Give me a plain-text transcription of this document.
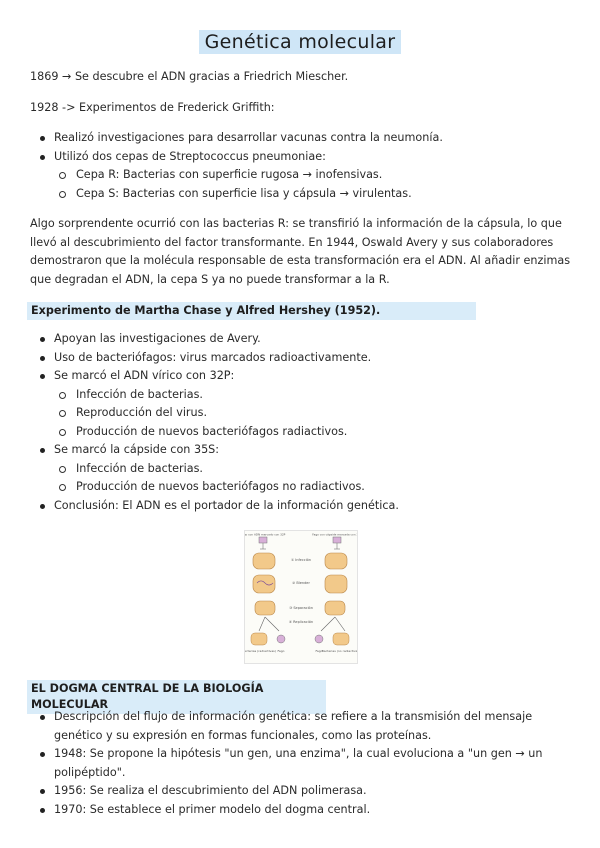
Genética molecular
1869 → Se descubre el ADN gracias a Friedrich Miescher.
1928 -> Experimentos de Frederick Griffith:
Realizó investigaciones para desarrollar vacunas contra la neumonía.
Utilizó dos cepas de Streptococcus pneumoniae:
Cepa R: Bacterias con superficie rugosa → inofensivas.
Cepa S: Bacterias con superficie lisa y cápsula → virulentas.
Algo sorprendente ocurrió con las bacterias R: se transfirió la información de la cápsula, lo que llevó al descubrimiento del factor transformante. En 1944, Oswald Avery y sus colaboradores demostraron que la molécula responsable de esta transformación era el ADN. Al añadir enzimas que degradan el ADN, la cepa S ya no puede transformar a la R.
Experimento de Martha Chase y Alfred Hershey (1952).
Apoyan las investigaciones de Avery.
Uso de bacteriófagos: virus marcados radioactivamente.
Se marcó el ADN vírico con 32P:
Infección de bacterias.
Reproducción del virus.
Producción de nuevos bacteriófagos radiactivos.
Se marcó la cápside con 35S:
Infección de bacterias.
Producción de nuevos bacteriófagos no radiactivos.
Conclusión: El ADN es el portador de la información genética.
① Infección
② Blender
③ Separación
④ Replicación
Bacterias (radiactivas) Fago	Fago Bacterias (no radiactivas)
Fago con ADN marcado con 32P	Fago con cápside marcada con 35S
EL DOGMA CENTRAL DE LA BIOLOGÍA MOLECULAR
Descripción del flujo de información genética: se refiere a la transmisión del mensaje genético y su expresión en formas funcionales, como las proteínas.
1948: Se propone la hipótesis "un gen, una enzima", la cual evoluciona a "un gen → un polipéptido".
1956: Se realiza el descubrimiento del ADN polimerasa.
1970: Se establece el primer modelo del dogma central.
